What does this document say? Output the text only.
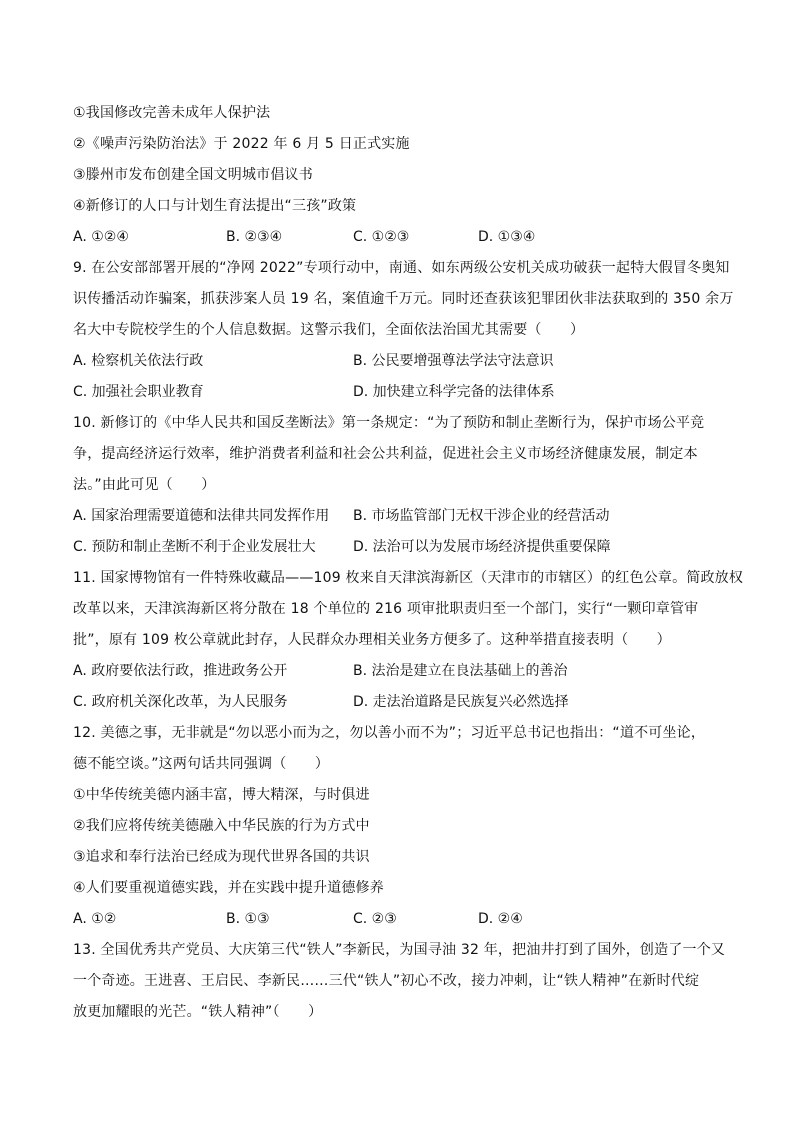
①我国修改完善未成年人保护法
②《噪声污染防治法》于 2022 年 6 月 5 日正式实施
③滕州市发布创建全国文明城市倡议书
④新修订的人口与计划生育法提出“三孩”政策
A. ①②④	B. ②③④	C. ①②③	D. ①③④
9. 在公安部部署开展的“净网 2022”专项行动中，南通、如东两级公安机关成功破获一起特大假冒冬奥知
识传播活动诈骗案，抓获涉案人员 19 名，案值逾千万元。同时还查获该犯罪团伙非法获取到的 350 余万
名大中专院校学生的个人信息数据。这警示我们，全面依法治国尤其需要（　　）
A. 检察机关依法行政	B. 公民要增强尊法学法守法意识
C. 加强社会职业教育	D. 加快建立科学完备的法律体系
10. 新修订的《中华人民共和国反垄断法》第一条规定：“为了预防和制止垄断行为，保护市场公平竞
争，提高经济运行效率，维护消费者利益和社会公共利益，促进社会主义市场经济健康发展，制定本
法。”由此可见（　　）
A. 国家治理需要道德和法律共同发挥作用 B. 市场监管部门无权干涉企业的经营活动
C. 预防和制止垄断不利于企业发展壮大	D. 法治可以为发展市场经济提供重要保障
11. 国家博物馆有一件特殊收藏品——109 枚来自天津滨海新区（天津市的市辖区）的红色公章。简政放权
改革以来，天津滨海新区将分散在 18 个单位的 216 项审批职责归至一个部门，实行“一颗印章管审
批”，原有 109 枚公章就此封存，人民群众办理相关业务方便多了。这种举措直接表明（　　）
A. 政府要依法行政，推进政务公开	B. 法治是建立在良法基础上的善治
C. 政府机关深化改革，为人民服务	D. 走法治道路是民族复兴必然选择
12. 美德之事，无非就是“勿以恶小而为之，勿以善小而不为”；习近平总书记也指出：“道不可坐论，
德不能空谈。”这两句话共同强调（　　）
①中华传统美德内涵丰富，博大精深，与时俱进
②我们应将传统美德融入中华民族的行为方式中
③追求和奉行法治已经成为现代世界各国的共识
④人们要重视道德实践，并在实践中提升道德修养
A. ①②	B. ①③	C. ②③	D. ②④
13. 全国优秀共产党员、大庆第三代“铁人”李新民，为国寻油 32 年，把油井打到了国外，创造了一个又
一个奇迹。王进喜、王启民、李新民……三代“铁人”初心不改，接力冲刺，让“铁人精神”在新时代绽
放更加耀眼的光芒。“铁人精神”（　　）
